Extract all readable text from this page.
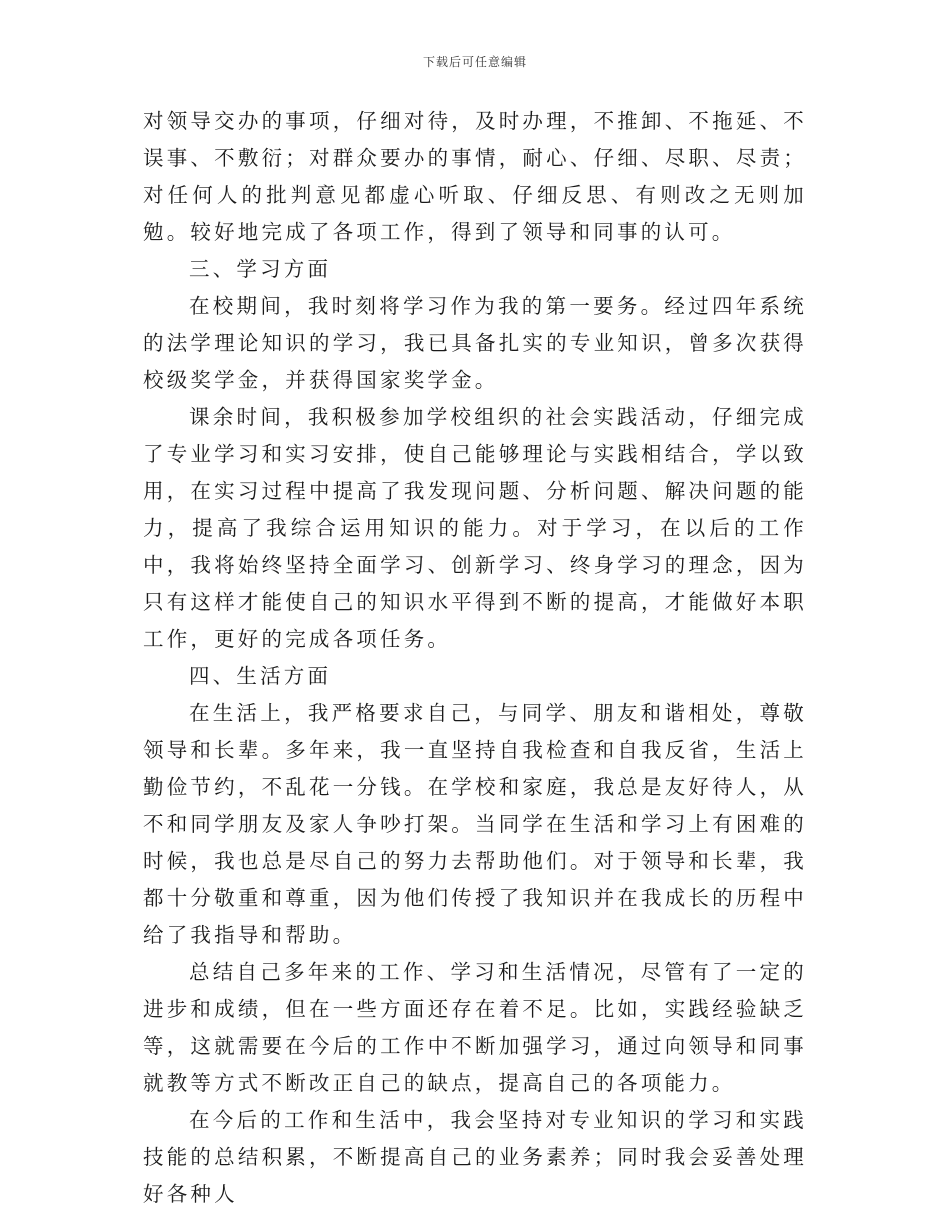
下载后可任意编辑

对领导交办的事项，仔细对待，及时办理，不推卸、不拖延、不误事、不敷衍；对群众要办的事情，耐心、仔细、尽职、尽责；对任何人的批判意见都虚心听取、仔细反思、有则改之无则加勉。较好地完成了各项工作，得到了领导和同事的认可。

三、学习方面

在校期间，我时刻将学习作为我的第一要务。经过四年系统的法学理论知识的学习，我已具备扎实的专业知识，曾多次获得校级奖学金，并获得国家奖学金。

课余时间，我积极参加学校组织的社会实践活动，仔细完成了专业学习和实习安排，使自己能够理论与实践相结合，学以致用，在实习过程中提高了我发现问题、分析问题、解决问题的能力，提高了我综合运用知识的能力。对于学习，在以后的工作中，我将始终坚持全面学习、创新学习、终身学习的理念，因为只有这样才能使自己的知识水平得到不断的提高，才能做好本职工作，更好的完成各项任务。

四、生活方面

在生活上，我严格要求自己，与同学、朋友和谐相处，尊敬领导和长辈。多年来，我一直坚持自我检查和自我反省，生活上勤俭节约，不乱花一分钱。在学校和家庭，我总是友好待人，从不和同学朋友及家人争吵打架。当同学在生活和学习上有困难的时候，我也总是尽自己的努力去帮助他们。对于领导和长辈，我都十分敬重和尊重，因为他们传授了我知识并在我成长的历程中给了我指导和帮助。

总结自己多年来的工作、学习和生活情况，尽管有了一定的进步和成绩，但在一些方面还存在着不足。比如，实践经验缺乏等，这就需要在今后的工作中不断加强学习，通过向领导和同事就教等方式不断改正自己的缺点，提高自己的各项能力。

在今后的工作和生活中，我会坚持对专业知识的学习和实践技能的总结积累，不断提高自己的业务素养；同时我会妥善处理好各种人
